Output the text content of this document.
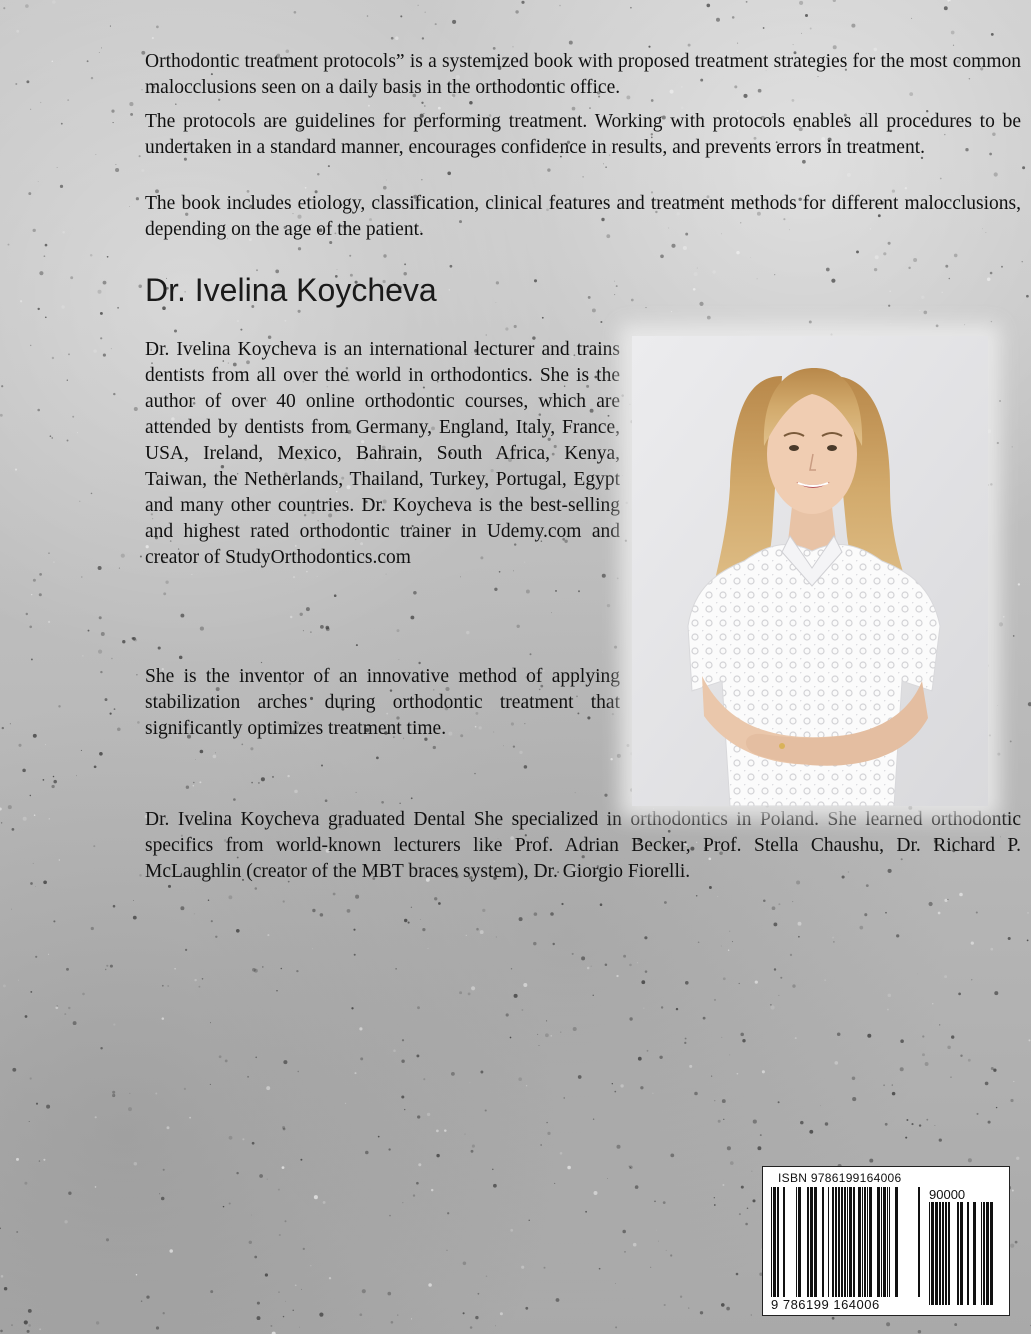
Orthodontic treatment protocols” is a systemized book with proposed treatment strategies for the most common malocclusions seen on a daily basis in the orthodontic office.

The protocols are guidelines for performing treatment. Working with protocols enables all procedures to be undertaken in a standard manner, encourages confidence in results, and prevents errors in treatment.

The book includes etiology, classification, clinical features and treatment methods for different malocclusions, depending on the age of the patient.

Dr. Ivelina Koycheva

Dr. Ivelina Koycheva is an international lecturer and trains dentists from all over the world in orthodontics. She is the author of over 40 online orthodontic courses, which are attended by dentists from Germany, England, Italy, France, USA, Ireland, Mexico, Bahrain, South Africa, Kenya, Taiwan, the Netherlands, Thailand, Turkey, Portugal, Egypt and many other countries. Dr. Koycheva is the best-selling and highest rated orthodontic trainer in Udemy.com and creator of StudyOrthodontics.com

She is the inventor of an innovative method of applying stabilization arches during orthodontic treatment that significantly optimizes treatment time.

Dr. Ivelina Koycheva graduated Dental She specialized in orthodontics in Poland. She learned orthodontic specifics from world-known lecturers like Prof. Adrian Becker, Prof. Stella Chaushu, Dr. Richard P. McLaughlin (creator of the MBT braces system), Dr. Giorgio Fiorelli.

ISBN 9786199164006
90000
9 786199 164006
